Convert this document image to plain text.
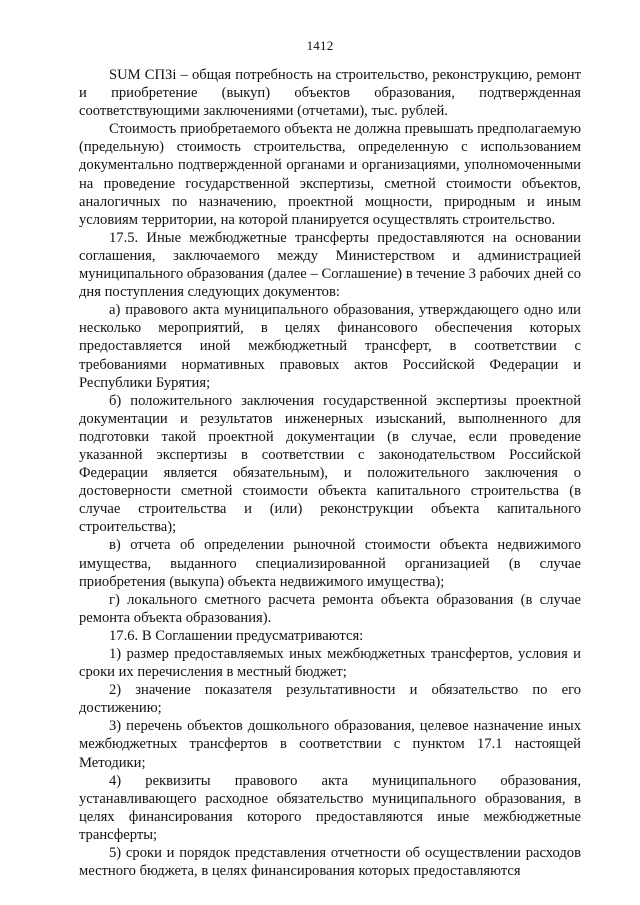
1412

SUM СПЗi – общая потребность на строительство, реконструкцию, ремонт и приобретение (выкуп) объектов образования, подтвержденная соответствующими заключениями (отчетами), тыс. рублей.

Стоимость приобретаемого объекта не должна превышать предполагаемую (предельную) стоимость строительства, определенную с использованием документально подтвержденной органами и организациями, уполномоченными на проведение государственной экспертизы, сметной стоимости объектов, аналогичных по назначению, проектной мощности, природным и иным условиям территории, на которой планируется осуществлять строительство.

17.5. Иные межбюджетные трансферты предоставляются на основании соглашения, заключаемого между Министерством и администрацией муниципального образования (далее – Соглашение) в течение 3 рабочих дней со дня поступления следующих документов:

а) правового акта муниципального образования, утверждающего одно или несколько мероприятий, в целях финансового обеспечения которых предоставляется иной межбюджетный трансферт, в соответствии с требованиями нормативных правовых актов Российской Федерации и Республики Бурятия;

б) положительного заключения государственной экспертизы проектной документации и результатов инженерных изысканий, выполненного для подготовки такой проектной документации (в случае, если проведение указанной экспертизы в соответствии с законодательством Российской Федерации является обязательным), и положительного заключения о достоверности сметной стоимости объекта капитального строительства (в случае строительства и (или) реконструкции объекта капитального строительства);

в) отчета об определении рыночной стоимости объекта недвижимого имущества, выданного специализированной организацией (в случае приобретения (выкупа) объекта недвижимого имущества);

г) локального сметного расчета ремонта объекта образования (в случае ремонта объекта образования).

17.6. В Соглашении предусматриваются:

1) размер предоставляемых иных межбюджетных трансфертов, условия и сроки их перечисления в местный бюджет;

2) значение показателя результативности и обязательство по его достижению;

3) перечень объектов дошкольного образования, целевое назначение иных межбюджетных трансфертов в соответствии с пунктом 17.1 настоящей Методики;

4) реквизиты правового акта муниципального образования, устанавливающего расходное обязательство муниципального образования, в целях финансирования которого предоставляются иные межбюджетные трансферты;

5) сроки и порядок представления отчетности об осуществлении расходов местного бюджета, в целях финансирования которых предоставляются
